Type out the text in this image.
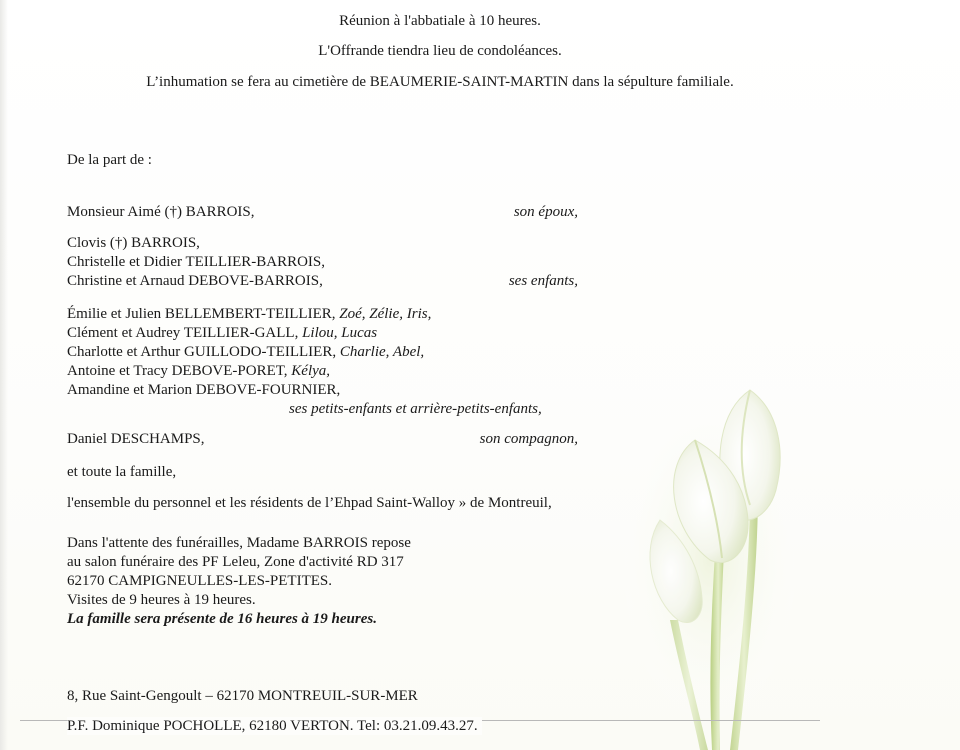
Réunion à l'abbatiale à 10 heures.
L'Offrande tiendra lieu de condoléances.
L’inhumation se fera au cimetière de BEAUMERIE-SAINT-MARTIN dans la sépulture familiale.
De la part de :
Monsieur Aimé (†) BARROIS,	son époux,
Clovis (†) BARROIS,
Christelle et Didier TEILLIER-BARROIS,
Christine et Arnaud DEBOVE-BARROIS,	ses enfants,
Émilie et Julien BELLEMBERT-TEILLIER, Zoé, Zélie, Iris,
Clément et Audrey TEILLIER-GALL, Lilou, Lucas
Charlotte et Arthur GUILLODO-TEILLIER, Charlie, Abel,
Antoine et Tracy DEBOVE-PORET, Kélya,
Amandine et Marion DEBOVE-FOURNIER,
ses petits-enfants et arrière-petits-enfants,
Daniel DESCHAMPS,	son compagnon,
et toute la famille,
l'ensemble du personnel et les résidents de l’Ehpad Saint-Walloy » de Montreuil,
Dans l'attente des funérailles, Madame BARROIS repose
au salon funéraire des PF Leleu, Zone d'activité RD 317
62170 CAMPIGNEULLES-LES-PETITES.
Visites de 9 heures à 19 heures.
La famille sera présente de 16 heures à 19 heures.
8, Rue Saint-Gengoult – 62170 MONTREUIL-SUR-MER
P.F. Dominique POCHOLLE, 62180 VERTON. Tel: 03.21.09.43.27.
